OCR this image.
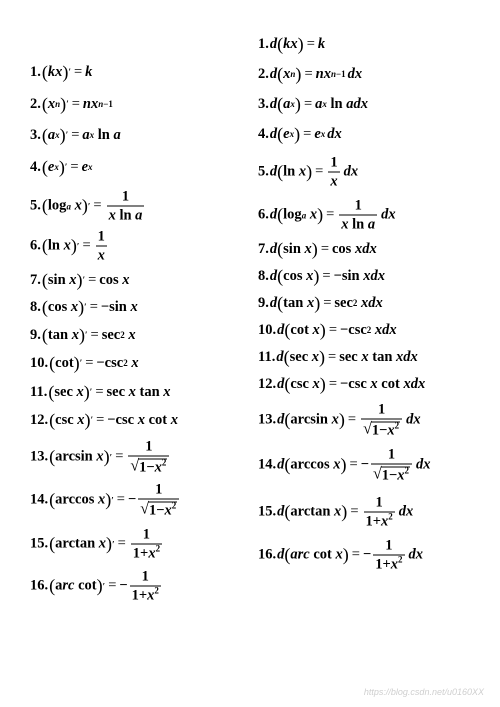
1. ( kx ) ′ = k
2. ( x n ) ′ = nx n−1
3. ( a x ) ′ = a x ln a
4. ( e x ) ′ = e x
5. ( log a
x ) ′ = $\frac{1}{\text{x ln a}}$
6. ( ln x ) ′ = $\frac{1}{x}$
7. ( sin x ) ′ = cos x
8. ( cos x ) ′ = −sin x
9. ( tan x ) ′ = sec 2
x
10. ( cot ) ′ = −csc 2
x
11. ( sec x ) ′ = sec x tan x
12. ( csc x ) ′ = −csc x cot x
13. ( arcsin x ) ′ = $\frac{1}{√ 1-x^2}$
14. ( arccos x ) ′ = − $\frac{1}{√ 1-x^2}$
15. ( arctan x ) ′ = $\frac{1}{1+x^2}$
16. ( a rc cot ) ′ = − $\frac{1}{1+x^2}$
1. d ( kx ) = k
2. d ( x n ) = nx n−1 dx
3. d ( a x ) = a x ln adx
4. d ( e x ) = e x dx
5. d ( ln x ) = $\frac{1}{x}$ dx
6. d ( log a
x ) = $\frac{1}{\text{x ln a}}$ dx
7. d ( sin x ) = cos xdx
8. d ( cos x ) = −sin xdx
9. d ( tan x ) = sec 2
xdx
10. d ( cot x ) = −csc 2
xdx
11. d ( sec x ) = sec x tan xdx
12. d ( csc x ) = −csc x cot xdx
13. d ( arcsin x ) = $\frac{1}{√ 1-x^2}$ dx
14. d ( arccos x ) = − $\frac{1}{√ 1-x^2}$ dx
15. d ( arctan x ) = $\frac{1}{1+x^2}$ dx
16. d ( arc cot x ) = − $\frac{1}{1+x^2}$ dx
https://blog.csdn.net/u0160XX
